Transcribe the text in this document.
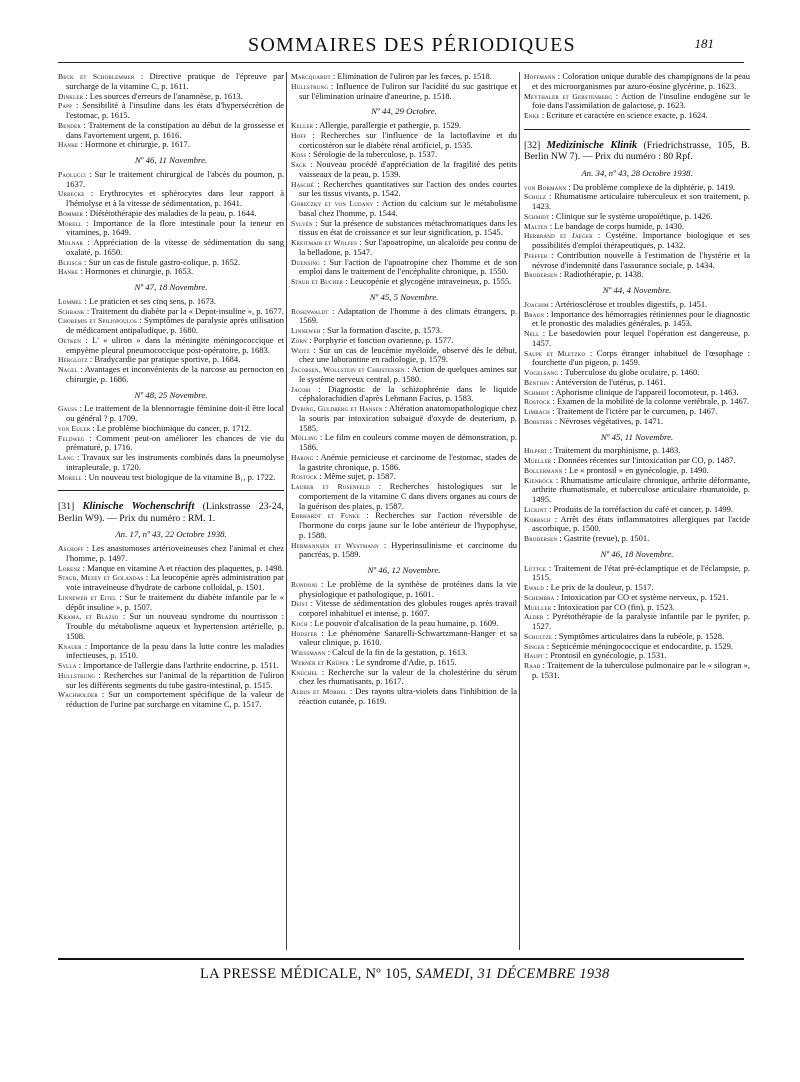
SOMMAIRES DES PÉRIODIQUES	181

Beck et Schoblemmer : Directive pratique de l'épreuve par surcharge de la vitamine C, p. 1611.

Dinkler : Les sources d'erreurs de l'anamnèse, p. 1613.

Papp : Sensibilité à l'insuline dans les états d'hypersécrétion de l'estomac, p. 1615.

Bender : Traitement de la constipation au début de la grossesse et dans l'avortement urgent, p. 1616.

Hanke : Hormone et chirurgie, p. 1617.

Nº 46, 11 Novembre.

Paolucci : Sur le traitement chirurgical de l'abcès du poumon, p. 1637.

Urbecke : Erythrocytes et sphérocytes dans leur rapport à l'hémolyse et à la vitesse de sédimentation, p. 1641.

Bommer : Diététothérapie des maladies de la peau, p. 1644.

Morell : Importance de la flore intestinale pour la teneur en vitamines, p. 1649.

Molnar : Appréciation de la vitesse de sédimentation du sang oxalaté, p. 1650.

Bleisch : Sur un cas de fistule gastro-colique, p. 1652.

Hanke : Hormones et chirurgie, p. 1653.

Nº 47, 18 Novembre.

Lommel : Le praticien et ses cinq sens, p. 1673.

Schbank : Traitement du diabète par la « Depot-insuline », p. 1677.

Choremis et Spiliopoulos : Symptômes de paralysie après utilisation de médicament antipaludique, p. 1680.

Oetken : L' « uliron » dans la méningite méningococcique et empyème pleural pneumococcique post-opératoire, p. 1683.

Herglotz : Bradycardie par pratique sportive, p. 1684.

Nagel : Avantages et inconvénients de la narcose au pernocton en chirurgie, p. 1686.

Nº 48, 25 Novembre.

Gauss : Le traitement de la blennorragie féminine doit-il être local ou général ? p. 1709.

von Euler : Le problème biochimique du cancer, p. 1712.

Feldweg : Comment peut-on améliorer les chances de vie du prématuré, p. 1716.

Lang : Travaux sur les instruments combinés dans la pneumolyse intrapleurale, p. 1720.

Morell : Un nouveau test biologique de la vitamine B₁, p. 1722.

[31] Klinische Wochenschrift (Linkstrasse 23-24, Berlin W9). — Prix du numéro : RM. 1.
An. 17, nº 43, 22 Octobre 1938.

Aschoff : Les anastomoses artérioveineuses chez l'animal et chez l'homme, p. 1497.

Lorenz : Manque en vitamine A et réaction des plaquettes, p. 1498.

Staub, Mezey et Golandas : La leucopénie après administration par voie intraveineuse d'hydrate de carbone colloïdal, p. 1501.

Linneweh et Eitel : Sur le traitement du diabète infantile par le « dépôt insuline », p. 1507.

Krama, et Blazso : Sur un nouveau syndrome du nourrisson : Trouble du métabolisme aqueux et hypertension artérielle, p. 1508.

Knauer : Importance de la peau dans la lutte contre les maladies infectieuses, p. 1510.

Sylla : Importance de l'allergie dans l'arthrite endocrine, p. 1511.

Hullstrung : Recherches sur l'animal de la répartition de l'uliron sur les différents segments du tube gastro-intestinal, p. 1515.

Wachholder : Sur un comportement spécifique de la valeur de réduction de l'urine par surcharge en vitamine C, p. 1517.

Marcquardt : Elimination de l'uliron par les fæces, p. 1518.

Hüllstrung : Influence de l'uliron sur l'acidité du suc gastrique et sur l'élimination urinaire d'aneurine, p. 1518.

Nº 44, 29 Octobre.

Keller : Allergie, parallergie et pathergie, p. 1529.

Hoff : Recherches sur l'influence de la lactoflavine et du corticostéron sur le diabète rénal artificiel, p. 1535.

Koss : Sérologie de la tuberculose, p. 1537.

Sack : Nouveau procédé d'appréciation de la fragilité des petits vaisseaux de la peau, p. 1539.

Hasché : Recherches quantitatives sur l'action des ondes courtes sur les tissus vivants, p. 1542.

Goreczky et von Ludany : Action du calcium sur le métabolisme basal chez l'homme, p. 1544.

Sylvén : Sur la présence de substances métachromatiques dans les tissus en état de croissance et sur leur signification, p. 1545.

Kreitmair et Wolfes : Sur l'apoatropine, un alcaloïde peu connu de la belladone, p. 1547.

Duensing : Sur l'action de l'apoatropine chez l'homme et de son emploi dans le traitement de l'encéphalite chronique, p. 1550.

Staub et Bucher : Leucopénie et glycogène intraveineux, p. 1555.

Nº 45, 5 Novembre.

Rosenwaldt : Adaptation de l'homme à des climats étrangers, p. 1569.

Linneweh : Sur la formation d'ascite, p. 1573.

Zorn : Porphyrie et fonction ovarienne, p. 1577.

Weitz : Sur un cas de leucémie myéloïde, observé dès le début, chez une laborantine en radiologie, p. 1579.

Jacobsen, Wollstein et Christensen : Action de quelques amines sur le système nerveux central, p. 1580.

Jacobi : Diagnostic de la schizophrénie dans le liquide céphalorachidien d'après Lehmann Facius, p. 1583.

Dybing, Guldberg et Hansen : Altération anatomopathologique chez la souris par intoxication subaiguë d'oxyde de deuterium, p. 1585.

Mölling : Le film en couleurs comme moyen de démonstration, p. 1586.

Haring : Anémie pernicieuse et carcinome de l'estomac, stades de la gastrite chronique, p. 1586.

Rostock : Même sujet, p. 1587.

Lauber et Rosenfeld : Recherches histologiques sur le comportement de la vitamine C dans divers organes au cours de la guérison des plaies, p. 1587.

Ehrhardt et Funke : Recherches sur l'action réversible de l'hormone du corps jaune sur le lobe antérieur de l'hypophyse, p. 1588.

Hermannsen et Westmann : Hyperinsulinisme et carcinome du pancréas, p. 1589.

Nº 46, 12 Novembre.

Rondoni : Le problème de la synthèse de protéines dans la vie physiologique et pathologique, p. 1601.

Deist : Vitesse de sédimentation des globules rouges après travail corporel inhabituel et intense, p. 1607.

Koch : Le pouvoir d'alcalisation de la peau humaine, p. 1609.

Hodster : Le phénomène Sanarelli-Schwartzmann-Hanger et sa valeur clinique, p. 1610.

Wiessmann : Calcul de la fin de la gestation, p. 1613.

Werner et Krüper : Le syndrome d'Adie, p. 1615.

Knüchel : Recherche sur la valeur de la cholestérine du sérum chez les rhumatisants, p. 1617.

Albus et Mörbel : Des rayons ultra-violets dans l'inhibition de la réaction cutanée, p. 1619.

Hoffmann : Coloration unique durable des champignons de la peau et des microorganismes par azuro-éosine glycérine, p. 1623.

Meythaler et Gerstenberg : Action de l'insuline endogène sur le foie dans l'assimilation de galactose, p. 1623.

Enke : Ecriture et caractère en science exacte, p. 1624.

[32] Medizinische Klinik (Friedrichstrasse, 105, B. Berlin NW 7). — Prix du numéro : 80 Rpf.
An. 34, nº 43, 28 Octobre 1938.

von Bormann : Du problème complexe de la diphtérie, p. 1419.

Schulz : Rhumatisme articulaire tuberculeux et son traitement, p. 1423.

Schmidt : Clinique sur le système uropoïétique, p. 1426.

Malten : Le bandage de corps humide, p. 1430.

Herbrand et Jaeger : Cystéine. Importance biologique et ses possibilités d'emploi thérapeutiques, p. 1432.

Pfeffer : Contribution nouvelle à l'estimation de l'hystérie et la névrose d'indemnité dans l'assurance sociale, p. 1434.

Brodersen : Radiothérapie, p. 1438.

Nº 44, 4 Novembre.

Joachim : Artériosclérose et troubles digestifs, p. 1451.

Braun : Importance des hémorragies rétiniennes pour le diagnostic et le pronostic des maladies générales, p. 1453.

Nell : Le basedowien pour lequel l'opération est dangereuse, p. 1457.

Saupe et Mletzko : Corps étranger inhabituel de l'œsophage : fourchette d'un pigeon, p. 1459.

Vogelsang : Tuberculose du globe oculaire, p. 1460.

Benthin : Antéversion de l'utérus, p. 1461.

Schmidt : Aphorisme clinique de l'appareil locomoteur, p. 1463.

Rostock : Examen de la mobilité de la colonne vertébrale, p. 1467.

Limbach : Traitement de l'ictère par le curcumen, p. 1467.

Borsters : Névroses végétatives, p. 1471.

Nº 45, 11 Novembre.

Hilpert : Traitement du morphinisme, p. 1483.

Mueller : Données récentes sur l'intoxication par CO, p. 1487.

Bollermann : Le « prontosil » en gynécologie, p. 1490.

Kienböck : Rhumatisme articulaire chronique, arthrite déformante, arthrite rhumatismale, et tuberculose articulaire rhumatoïde, p. 1495.

Lickint : Produits de la torréfaction du café et cancer, p. 1499.

Korbsch : Arrêt des états inflammatoires allergiques par l'acide ascorbique, p. 1500.

Brodersen : Gastrite (revue), p. 1501.

Nº 46, 18 Novembre.

Lüttge : Traitement de l'état pré-éclamptique et de l'éclampsie, p. 1515.

Ewald : Le prix de la douleur, p. 1517.

Schembra : Intoxication par CO et système nerveux, p. 1521.

Mueller : Intoxication par CO (fin), p. 1523.

Alder : Pyrétothérapie de la paralysie infantile par le pyrifer, p. 1527.

Schultze : Symptômes articulaires dans la rubéole, p. 1528.

Singer : Septicémie méningococcique et endocardite, p. 1529.

Haupt : Prontosil en gynécologie, p. 1531.

Raab : Traitement de la tuberculose pulmonaire par le « silogran », p. 1531.

LA PRESSE MÉDICALE, Nº 105, SAMEDI, 31 DÉCEMBRE 1938
